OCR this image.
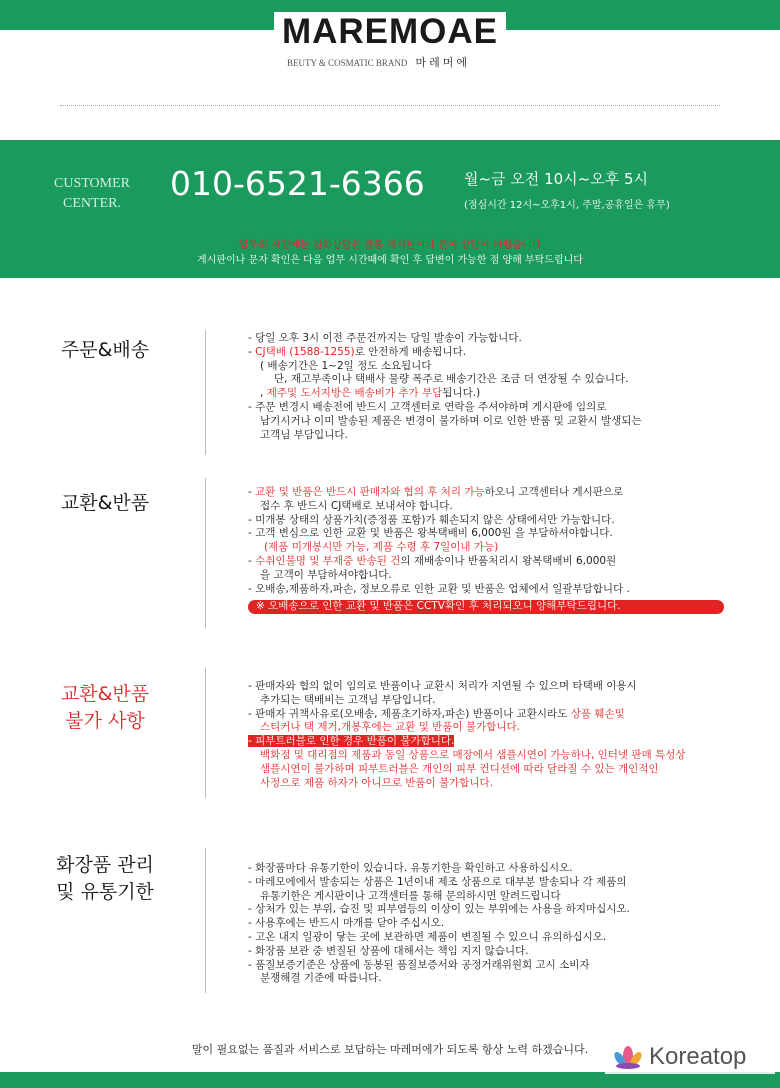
MAREMOAE
BEUTY & COSMATIC BRAND 마레머에
CUSTOMER
CENTER.
010-6521-6366	월~금 오전 10시~오후 5시
(점심시간 12시~오후1시, 주말,공휴일은 휴무)
업무외 시간에는 전화상담은 불통 게시판이나 문자 상담이 어렵습니다
게시판이나 문자 확인은 다음 업무 시간때에 확인 후 답변이 가능한 점 양해 부탁드립니다
주문&배송
- 당일 오후 3시 이전 주문건까지는 당일 발송이 가능합니다.
- CJ택배 (1588-1255)로 안전하게 배송됩니다.
( 배송기간은 1~2일 정도 소요됩니다
단, 재고부족이나 택배사 물량 폭주로 배송기간은 조금 더 연장될 수 있습니다.
, 제주및 도서지방은 배송비가 추가 부담됩니다.)
- 주문 변경시 배송전에 반드시 고객센터로 연락을 주셔야하며 게시판에 임의로
남기시거나 이미 발송된 제품은 변경이 불가하며 이로 인한 반품 및 교환시 발생되는
고객님 부담입니다.
교환&반품	- 교환 및 반품은 반드시 판매자와 협의 후 처리 가능하오니 고객센터나 게시판으로
접수 후 반드시 CJ택배로 보내셔야 합니다.
- 미개봉 상태의 상품가치(증정품 포함)가 훼손되지 않은 상태에서만 가능합니다.
- 고객 변심으로 인한 교환 및 반품은 왕복택배비 6,000원 을 부담하셔야합니다.
(제품 미개봉시만 가능, 제품 수령 후 7일이내 가능)
- 수취인불명 및 부재중 반송된 건의 재배송이나 반품처리시 왕복택배비 6,000원
을 고객이 부담하셔야합니다.
- 오배송,제품하자,파손, 정보오류로 인한 교환 및 반품은 업체에서 일괄부담합니다 .
※ 오배송으로 인한 교환 및 반품은 CCTV확인 후 처리되오니 양해부탁드립니다.
교환&반품
불가 사항
- 판매자와 협의 없이 임의로 반품이나 교환시 처리가 지연될 수 있으며 타택배 이용시
추가되는 택배비는 고객님 부담입니다.
- 판매자 귀책사유로(오배송, 제품초기하자,파손) 반품이나 교환시라도 상품 훼손및
스티커나 택 제거,개봉후에는 교환 및 반품이 불가합니다.
- 피부트러블로 인한 경우 반품이 불가합니다.
백화점 및 대리점의 제품과 동일 상품으로 매장에서 샘플시연이 가능하나, 인터넷 판매 특성상
샘플시연이 불가하며 피부트러블은 개인의 피부 컨디션에 따라 달라질 수 있는 개인적인
사정으로 제품 하자가 아니므로 반품이 불가합니다.
화장품 관리
및 유통기한
- 화장품마다 유통기한이 있습니다. 유통기한을 확인하고 사용하십시오.
- 마레모에에서 발송되는 상품은 1년이내 제조 상품으로 대부분 발송되나 각 제품의
유통기한은 게시판이나 고객센터를 통해 문의하시면 알려드립니다
- 상처가 있는 부위, 습진 및 피부염등의 이상이 있는 부위에는 사용을 하지마십시오.
- 사용후에는 반드시 마개를 닫아 주십시오.
- 고온 내지 일광이 닿는 곳에 보관하면 제품이 변질될 수 있으니 유의하십시오.
- 화장품 보관 중 변질된 상품에 대해서는 책임 지지 않습니다.
- 품질보증기준은 상품에 동봉된 품질보증서와 공정거래위원회 고시 소비자
분쟁해결 기준에 따릅니다.
말이 필요없는 품질과 서비스로 보답하는 마레머에가 되도록 항상 노력 하겠습니다.	Koreatop
